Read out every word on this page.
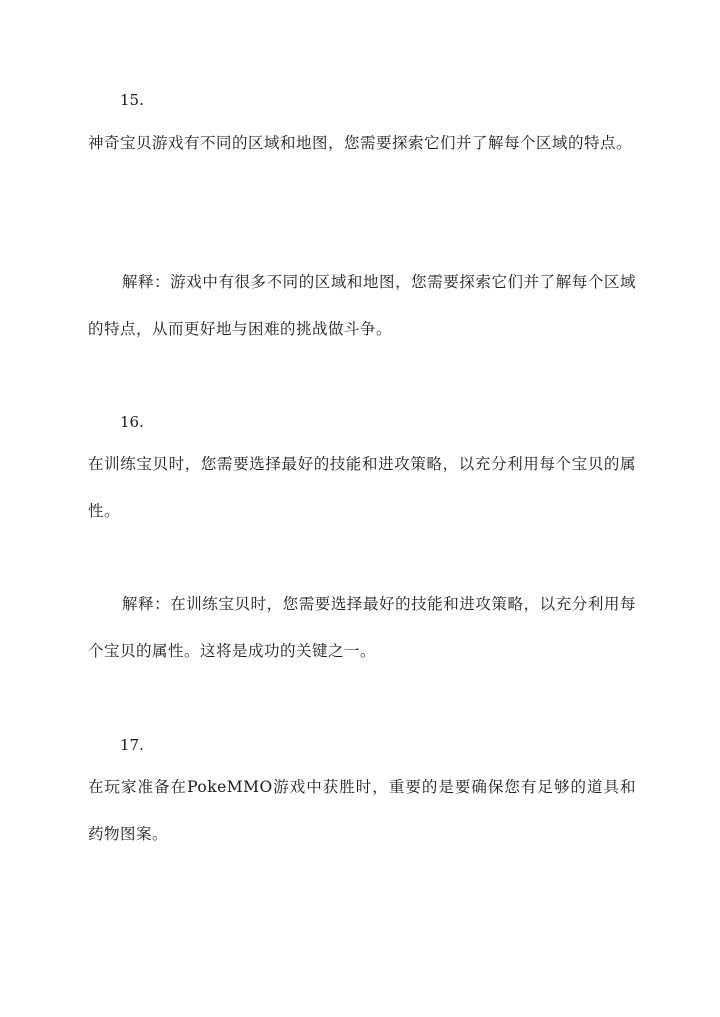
15.

神奇宝贝游戏有不同的区域和地图，您需要探索它们并了解每个区域的特点。

解释：游戏中有很多不同的区域和地图，您需要探索它们并了解每个区域的特点，从而更好地与困难的挑战做斗争。

16.

在训练宝贝时，您需要选择最好的技能和进攻策略，以充分利用每个宝贝的属性。

解释：在训练宝贝时，您需要选择最好的技能和进攻策略，以充分利用每个宝贝的属性。这将是成功的关键之一。

17.

在玩家准备在PokeMMO游戏中获胜时，重要的是要确保您有足够的道具和药物图案。
